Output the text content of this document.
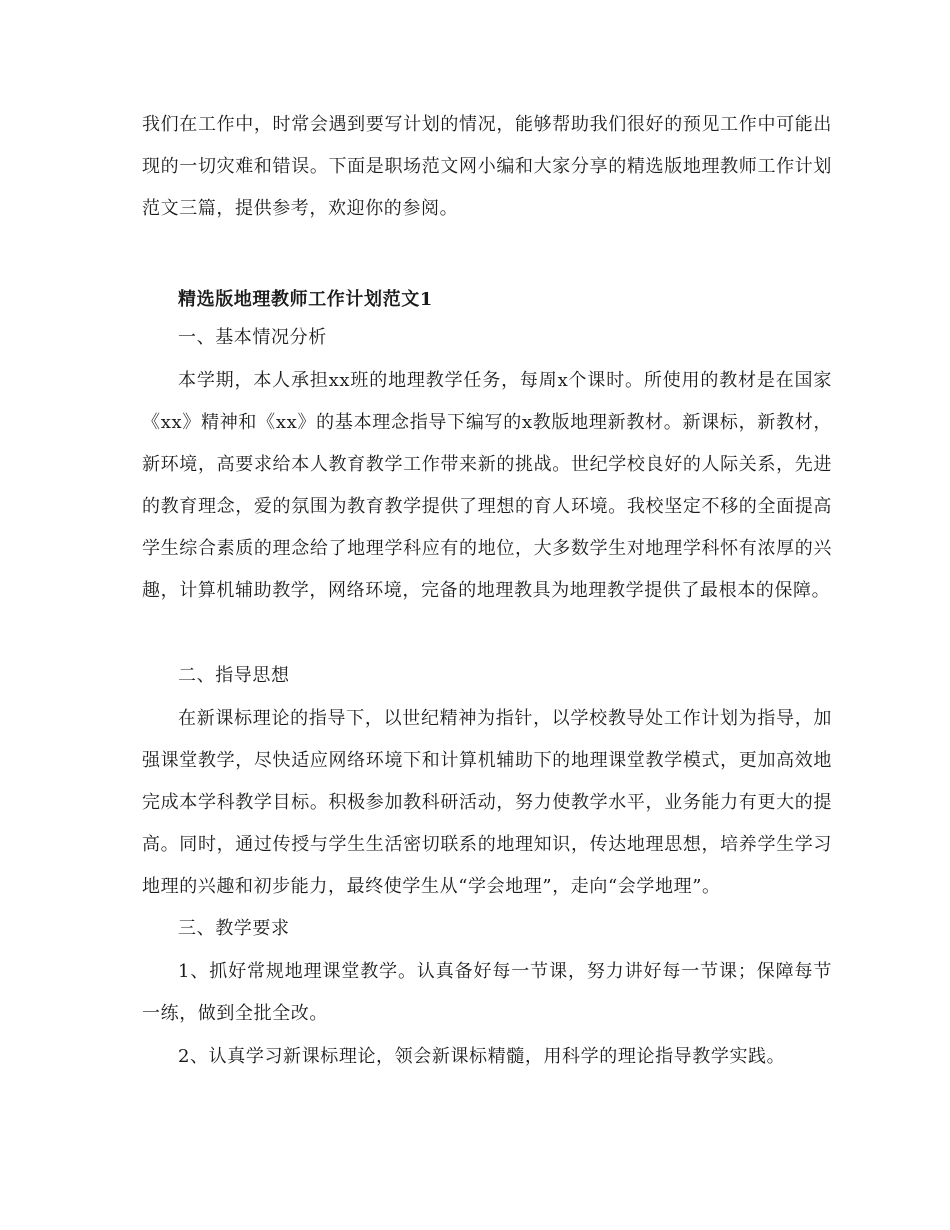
我们在工作中，时常会遇到要写计划的情况，能够帮助我们很好的预见工作中可能出现的一切灾难和错误。下面是职场范文网小编和大家分享的精选版地理教师工作计划范文三篇，提供参考，欢迎你的参阅。

精选版地理教师工作计划范文1

一、基本情况分析

本学期，本人承担xx班的地理教学任务，每周x个课时。所使用的教材是在国家《xx》精神和《xx》的基本理念指导下编写的x教版地理新教材。新课标，新教材，新环境，高要求给本人教育教学工作带来新的挑战。世纪学校良好的人际关系，先进的教育理念，爱的氛围为教育教学提供了理想的育人环境。我校坚定不移的全面提高学生综合素质的理念给了地理学科应有的地位，大多数学生对地理学科怀有浓厚的兴趣，计算机辅助教学，网络环境，完备的地理教具为地理教学提供了最根本的保障。

二、指导思想

在新课标理论的指导下，以世纪精神为指针，以学校教导处工作计划为指导，加强课堂教学，尽快适应网络环境下和计算机辅助下的地理课堂教学模式，更加高效地完成本学科教学目标。积极参加教科研活动，努力使教学水平，业务能力有更大的提高。同时，通过传授与学生生活密切联系的地理知识，传达地理思想，培养学生学习地理的兴趣和初步能力，最终使学生从“学会地理”，走向“会学地理”。

三、教学要求

1、抓好常规地理课堂教学。认真备好每一节课，努力讲好每一节课；保障每节一练，做到全批全改。

2、认真学习新课标理论，领会新课标精髓，用科学的理论指导教学实践。
